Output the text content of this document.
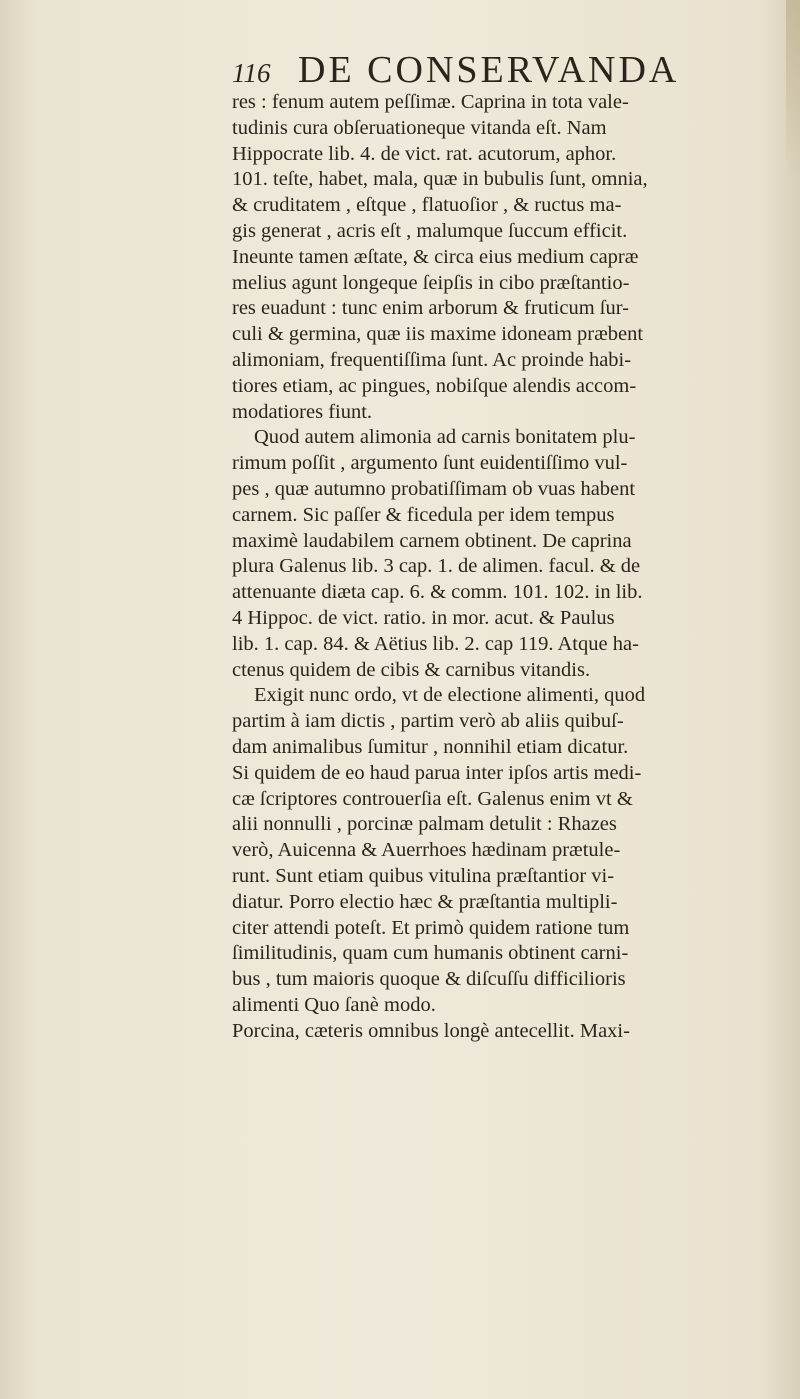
116 DE CONSERVANDA
res : fenum autem peſſimæ. Caprina in tota vale-
tudinis cura obſeruationeque vitanda eſt. Nam
Hippocrate lib. 4. de vict. rat. acutorum, aphor.
101. teſte, habet, mala, quæ in bubulis ſunt, omnia,
& cruditatem , eſtque , flatuoſior , & ructus ma-
gis generat , acris eſt , malumque ſuccum efficit.
Ineunte tamen æſtate, & circa eius medium capræ
melius agunt longeque ſeipſis in cibo præſtantio-
res euadunt : tunc enim arborum & fruticum ſur-
culi & germina, quæ iis maxime idoneam præbent
alimoniam, frequentiſſima ſunt. Ac proinde habi-
tiores etiam, ac pingues, nobiſque alendis accom-
modatiores fiunt.
Quod autem alimonia ad carnis bonitatem plu-
rimum poſſit , argumento ſunt euidentiſſimo vul-
pes , quæ autumno probatiſſimam ob vuas habent
carnem. Sic paſſer & ficedula per idem tempus
maximè laudabilem carnem obtinent. De caprina
plura Galenus lib. 3 cap. 1. de alimen. facul. & de
attenuante diæta cap. 6. & comm. 101. 102. in lib.
4 Hippoc. de vict. ratio. in mor. acut. & Paulus
lib. 1. cap. 84. & Aëtius lib. 2. cap 119. Atque ha-
ctenus quidem de cibis & carnibus vitandis.
Exigit nunc ordo, vt de electione alimenti, quod
partim à iam dictis , partim verò ab aliis quibuſ-
dam animalibus ſumitur , nonnihil etiam dicatur.
Si quidem de eo haud parua inter ipſos artis medi-
cæ ſcriptores controuerſia eſt. Galenus enim vt &
alii nonnulli , porcinæ palmam detulit : Rhazes
verò, Auicenna & Auerrhoes hædinam prætule-
runt. Sunt etiam quibus vitulina præſtantior vi-
diatur. Porro electio hæc & præſtantia multipli-
citer attendi poteſt. Et primò quidem ratione tum
ſimilitudinis, quam cum humanis obtinent carni-
bus , tum maioris quoque & diſcuſſu difficilioris
alimenti Quo ſanè modo.
Porcina, cæteris omnibus longè antecellit. Maxi-
